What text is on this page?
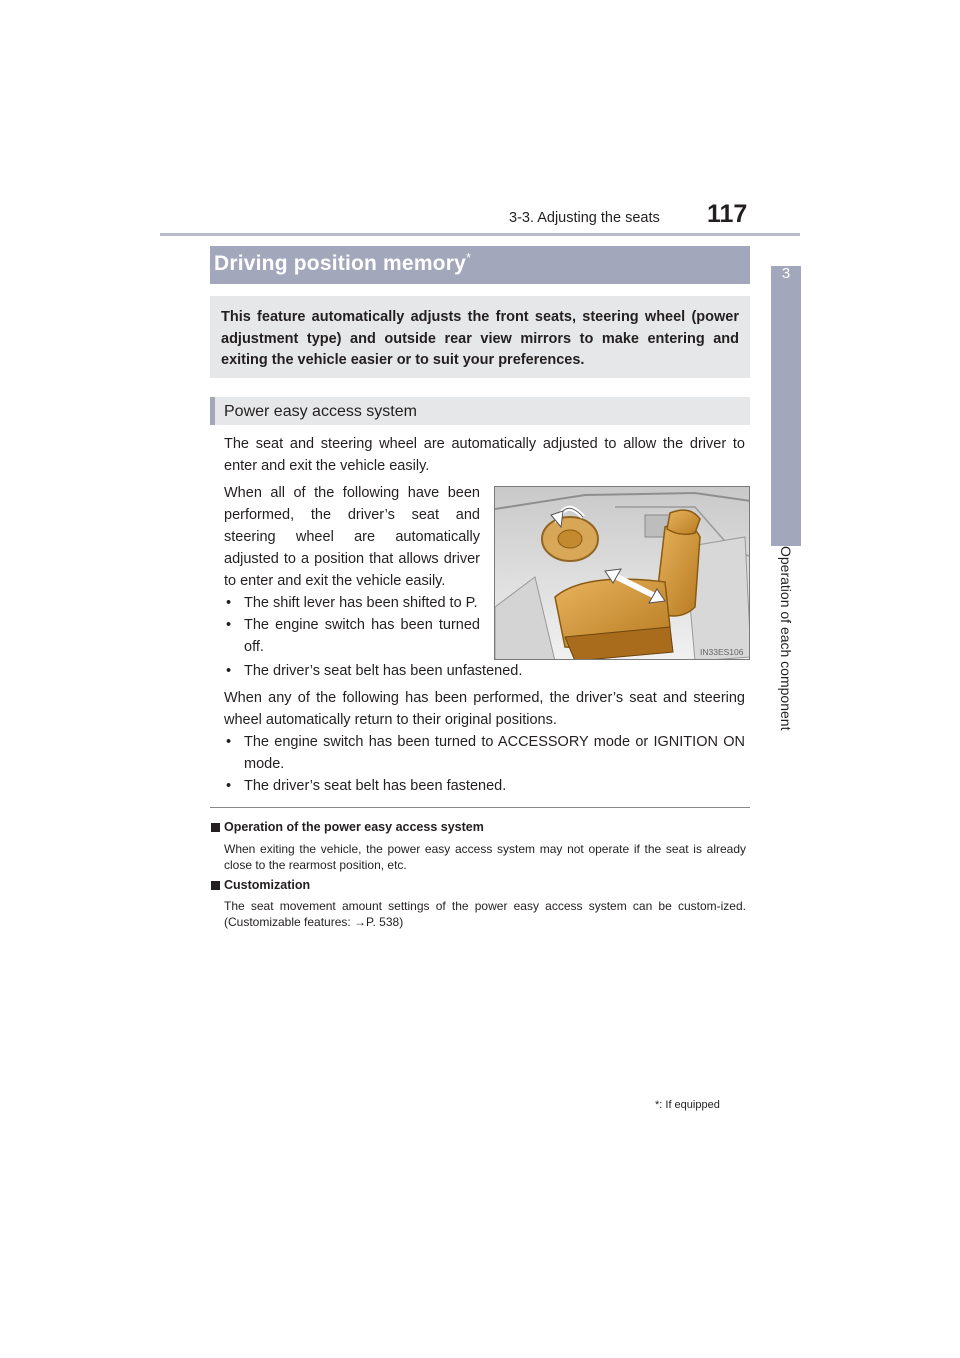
3-3. Adjusting the seats 117
3
Operation of each component
Driving position memory*
This feature automatically adjusts the front seats, steering wheel (power adjustment type) and outside rear view mirrors to make entering and exiting the vehicle easier or to suit your preferences.
Power easy access system
The seat and steering wheel are automatically adjusted to allow the driver to enter and exit the vehicle easily.
When all of the following have been performed, the driver’s seat and steering wheel are automatically adjusted to a position that allows driver to enter and exit the vehicle easily.
• The shift lever has been shifted to P.
• The engine switch has been turned off.
• The driver’s seat belt has been unfastened.
When any of the following has been performed, the driver’s seat and steering wheel automatically return to their original positions.
• The engine switch has been turned to ACCESSORY mode or IGNITION ON mode.
• The driver’s seat belt has been fastened.
IN33ES106
Operation of the power easy access system
When exiting the vehicle, the power easy access system may not operate if the seat is already close to the rearmost position, etc.
Customization
The seat movement amount settings of the power easy access system can be custom-ized. (Customizable features: →P. 538)
*: If equipped
